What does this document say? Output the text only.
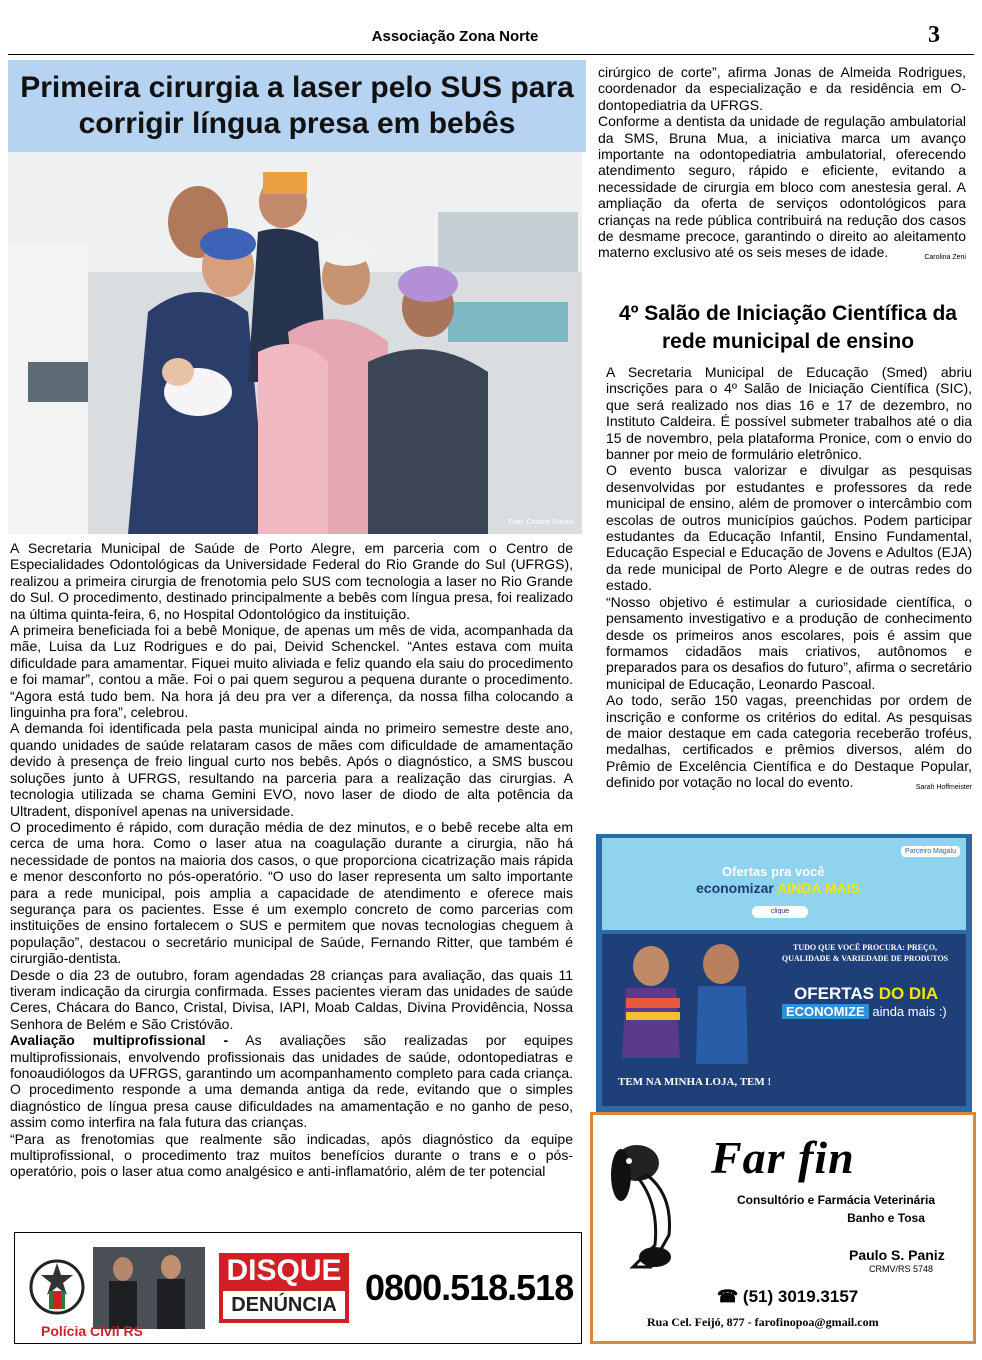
Associação Zona Norte	3
Primeira cirurgia a laser pelo SUS para corrigir língua presa em bebês
Foto: Cristine Rochol

A Secretaria Municipal de Saúde de Porto Alegre, em parceria com o Centro de Especialidades Odontológicas da Universidade Federal do Rio Grande do Sul (UFRGS), realizou a primeira cirurgia de frenotomia pelo SUS com tecnologia a laser no Rio Grande do Sul. O procedimento, destinado principalmente a bebês com língua presa, foi realizado na última quinta-feira, 6, no Hospital Odontológico da instituição.

A primeira beneficiada foi a bebê Monique, de apenas um mês de vida, acompanhada da mãe, Luisa da Luz Rodrigues e do pai, Deivid Schenckel. “Antes estava com muita dificuldade para amamentar. Fiquei muito aliviada e feliz quando ela saiu do procedimento e foi mamar”, contou a mãe. Foi o pai quem segurou a pequena durante o procedimento. “Agora está tudo bem. Na hora já deu pra ver a diferença, da nossa filha colocando a linguinha pra fora”, celebrou.

A demanda foi identificada pela pasta municipal ainda no primeiro semestre deste ano, quando unidades de saúde relataram casos de mães com dificuldade de amamentação devido à presença de freio lingual curto nos bebês. Após o diagnóstico, a SMS buscou soluções junto à UFRGS, resultando na parceria para a realização das cirurgias. A tecnologia utilizada se chama Gemini EVO, novo laser de diodo de alta potência da Ultradent, disponível apenas na universidade.

O procedimento é rápido, com duração média de dez minutos, e o bebê recebe alta em cerca de uma hora. Como o laser atua na coagulação durante a cirurgia, não há necessidade de pontos na maioria dos casos, o que proporciona cicatrização mais rápida e menor desconforto no pós-operatório. “O uso do laser representa um salto importante para a rede municipal, pois amplia a capacidade de atendimento e oferece mais segurança para os pacientes. Esse é um exemplo concreto de como parcerias com instituições de ensino fortalecem o SUS e permitem que novas tecnologias cheguem à população”, destacou o secretário municipal de Saúde, Fernando Ritter, que também é cirurgião-dentista.

Desde o dia 23 de outubro, foram agendadas 28 crianças para avaliação, das quais 11 tiveram indicação da cirurgia confirmada. Esses pacientes vieram das unidades de saúde Ceres, Chácara do Banco, Cristal, Divisa, IAPI, Moab Caldas, Divina Providência, Nossa Senhora de Belém e São Cristóvão.

Avaliação multiprofissional - As avaliações são realizadas por equipes multiprofissionais, envolvendo profissionais das unidades de saúde, odontopediatras e fonoaudiólogos da UFRGS, garantindo um acompanhamento completo para cada criança. O procedimento responde a uma demanda antiga da rede, evitando que o simples diagnóstico de língua presa cause dificuldades na amamentação e no ganho de peso, assim como interfira na fala futura das crianças.

“Para as frenotomias que realmente são indicadas, após diagnóstico da equipe multiprofissional, o procedimento traz muitos benefícios durante o trans e o pós-operatório, pois o laser atua como analgésico e anti-inflamatório, além de ter potencial

cirúrgico de corte”, afirma Jonas de Almeida Rodrigues, coordenador da especialização e da residência em O-dontopediatria da UFRGS.

Conforme a dentista da unidade de regulação ambulatorial da SMS, Bruna Mua, a iniciativa marca um avanço importante na odontopediatria ambulatorial, oferecendo atendimento seguro, rápido e eficiente, evitando a necessidade de cirurgia em bloco com anestesia geral. A ampliação da oferta de serviços odontológicos para crianças na rede pública contribuirá na redução dos casos de desmame precoce, garantindo o direito ao aleitamento materno exclusivo até os seis meses de idade.	Carolina Zeni

4º Salão de Iniciação Científica da rede municipal de ensino

A Secretaria Municipal de Educação (Smed) abriu inscrições para o 4º Salão de Iniciação Científica (SIC), que será realizado nos dias 16 e 17 de dezembro, no Instituto Caldeira. É possível submeter trabalhos até o dia 15 de novembro, pela plataforma Pronice, com o envio do banner por meio de formulário eletrônico.

O evento busca valorizar e divulgar as pesquisas desenvolvidas por estudantes e professores da rede municipal de ensino, além de promover o intercâmbio com escolas de outros municípios gaúchos. Podem participar estudantes da Educação Infantil, Ensino Fundamental, Educação Especial e Educação de Jovens e Adultos (EJA) da rede municipal de Porto Alegre e de outras redes do estado.

“Nosso objetivo é estimular a curiosidade científica, o pensamento investigativo e a produção de conhecimento desde os primeiros anos escolares, pois é assim que formamos cidadãos mais criativos, autônomos e preparados para os desafios do futuro”, afirma o secretário municipal de Educação, Leonardo Pascoal.

Ao todo, serão 150 vagas, preenchidas por ordem de inscrição e conforme os critérios do edital. As pesquisas de maior destaque em cada categoria receberão troféus, medalhas, certificados e prêmios diversos, além do Prêmio de Excelência Científica e do Destaque Popular, definido por votação no local do evento.	Sarah Hoffmeister

Parceiro Magalu
Ofertas pra você
economizar AINDA MAIS
clique
TUDO QUE VOCÊ PROCURA: PREÇO, QUALIDADE & VARIEDADE DE PRODUTOS
OFERTAS DO DIA
ECONOMIZE ainda mais :)
TEM NA MINHA LOJA, TEM !
Far fin
Consultório e Farmácia Veterinária
Banho e Tosa
Paulo S. Paniz
CRMV/RS 5748
☎ (51) 3019.3157
Rua Cel. Feijó, 877 - farofinopoa@gmail.com
Polícia Civil RS
DISQUE
DENÚNCIA 0800.518.518
